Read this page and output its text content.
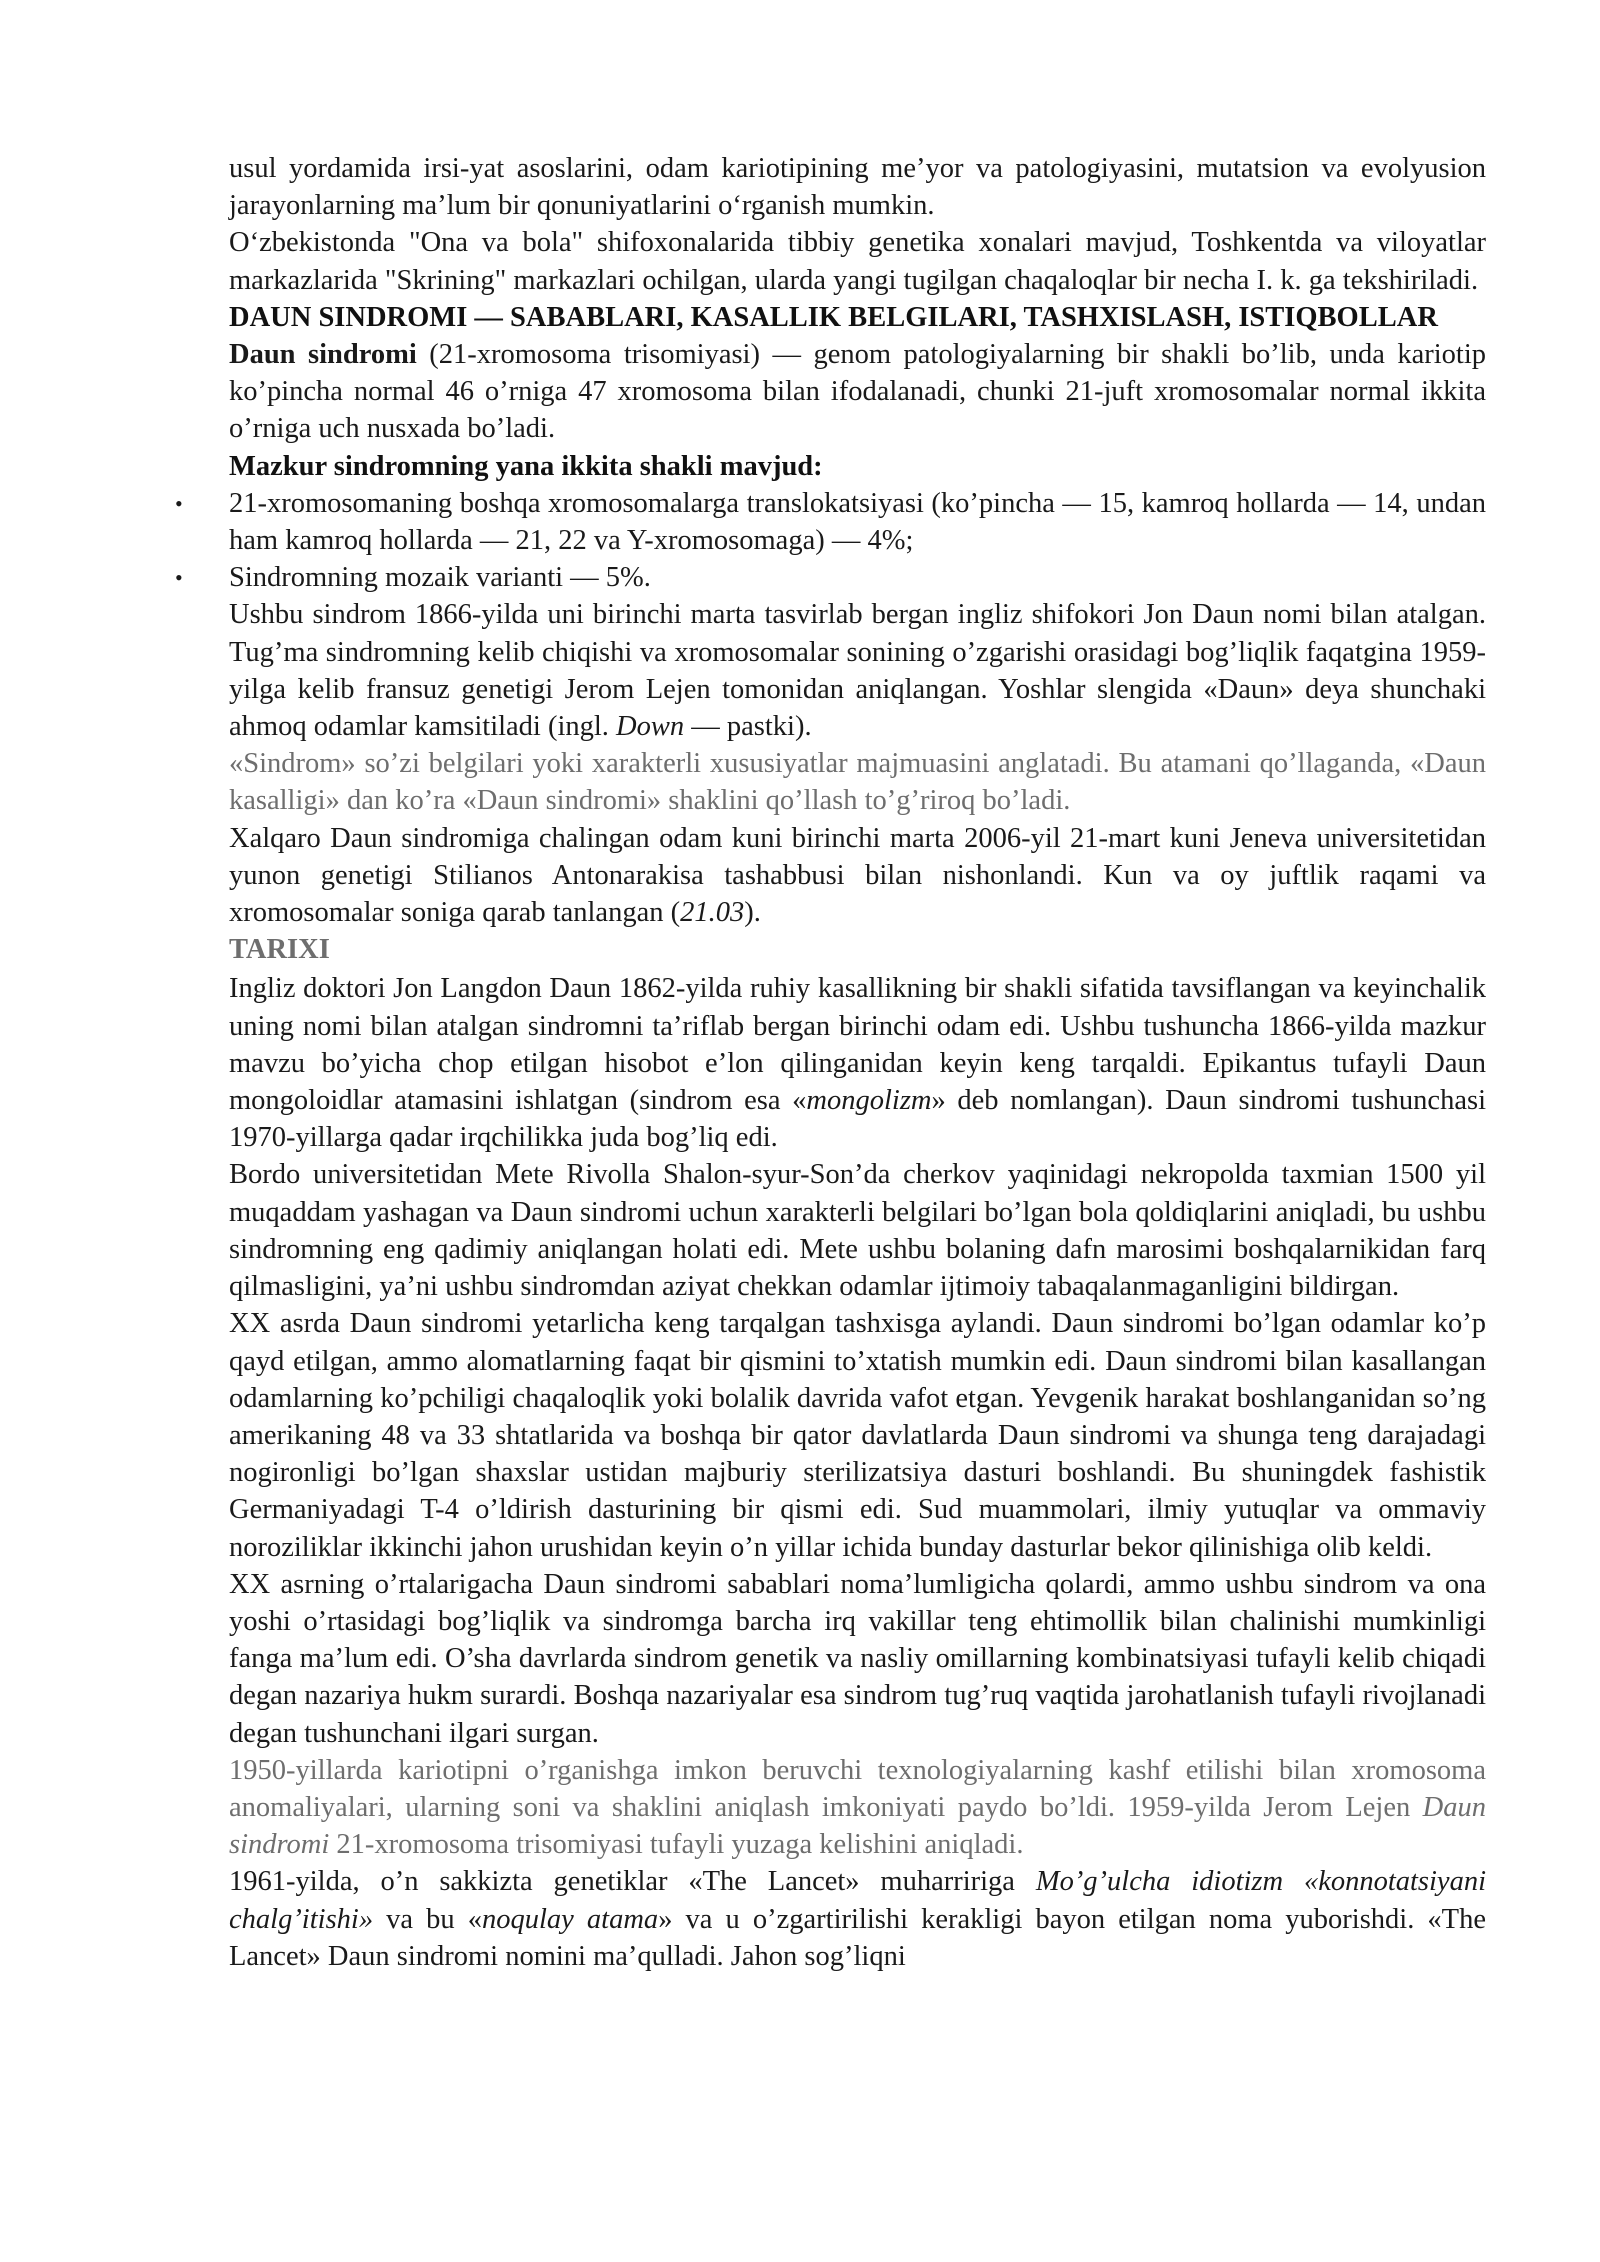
usul yordamida irsi-yat asoslarini, odam kariotipining me’yor va patologiyasini, mutatsion va evolyusion jarayonlarning ma’lum bir qonuniyatlarini o‘rganish mumkin.

O‘zbekistonda "Ona va bola" shifoxonalarida tibbiy genetika xonalari mavjud, Toshkentda va viloyatlar markazlarida "Skrining" markazlari ochilgan, ularda yangi tugilgan chaqaloqlar bir necha I. k. ga tekshiriladi.

DAUN SINDROMI — SABABLARI, KASALLIK BELGILARI, TASHXISLASH, ISTIQBOLLAR

Daun sindromi (21-xromosoma trisomiyasi) — genom patologiyalarning bir shakli bo’lib, unda kariotip ko’pincha normal 46 o’rniga 47 xromosoma bilan ifodalanadi, chunki 21-juft xromosomalar normal ikkita o’rniga uch nusxada bo’ladi.

Mazkur sindromning yana ikkita shakli mavjud:

• 21-xromosomaning boshqa xromosomalarga translokatsiyasi (ko’pincha — 15, kamroq hollarda — 14, undan ham kamroq hollarda — 21, 22 va Y-xromosomaga) — 4%;
• Sindromning mozaik varianti — 5%.

Ushbu sindrom 1866-yilda uni birinchi marta tasvirlab bergan ingliz shifokori Jon Daun nomi bilan atalgan. Tug’ma sindromning kelib chiqishi va xromosomalar sonining o’zgarishi orasidagi bog’liqlik faqatgina 1959-yilga kelib fransuz genetigi Jerom Lejen tomonidan aniqlangan. Yoshlar slengida «Daun» deya shunchaki ahmoq odamlar kamsitiladi (ingl. Down — pastki).

«Sindrom» so’zi belgilari yoki xarakterli xususiyatlar majmuasini anglatadi. Bu atamani qo’llaganda, «Daun kasalligi» dan ko’ra «Daun sindromi» shaklini qo’llash to’g’riroq bo’ladi.

Xalqaro Daun sindromiga chalingan odam kuni birinchi marta 2006-yil 21-mart kuni Jeneva universitetidan yunon genetigi Stilianos Antonarakisa tashabbusi bilan nishonlandi. Kun va oy juftlik raqami va xromosomalar soniga qarab tanlangan (21.03).

TARIXI

Ingliz doktori Jon Langdon Daun 1862-yilda ruhiy kasallikning bir shakli sifatida tavsiflangan va keyinchalik uning nomi bilan atalgan sindromni ta’riflab bergan birinchi odam edi. Ushbu tushuncha 1866-yilda mazkur mavzu bo’yicha chop etilgan hisobot e’lon qilinganidan keyin keng tarqaldi. Epikantus tufayli Daun mongoloidlar atamasini ishlatgan (sindrom esa «mongolizm» deb nomlangan). Daun sindromi tushunchasi 1970-yillarga qadar irqchilikka juda bog’liq edi.

Bordo universitetidan Mete Rivolla Shalon-syur-Son’da cherkov yaqinidagi nekropolda taxmian 1500 yil muqaddam yashagan va Daun sindromi uchun xarakterli belgilari bo’lgan bola qoldiqlarini aniqladi, bu ushbu sindromning eng qadimiy aniqlangan holati edi. Mete ushbu bolaning dafn marosimi boshqalarnikidan farq qilmasligini, ya’ni ushbu sindromdan aziyat chekkan odamlar ijtimoiy tabaqalanmaganligini bildirgan.

XX asrda Daun sindromi yetarlicha keng tarqalgan tashxisga aylandi. Daun sindromi bo’lgan odamlar ko’p qayd etilgan, ammo alomatlarning faqat bir qismini to’xtatish mumkin edi. Daun sindromi bilan kasallangan odamlarning ko’pchiligi chaqaloqlik yoki bolalik davrida vafot etgan. Yevgenik harakat boshlanganidan so’ng amerikaning 48 va 33 shtatlarida va boshqa bir qator davlatlarda Daun sindromi va shunga teng darajadagi nogironligi bo’lgan shaxslar ustidan majburiy sterilizatsiya dasturi boshlandi. Bu shuningdek fashistik Germaniyadagi T-4 o’ldirish dasturining bir qismi edi. Sud muammolari, ilmiy yutuqlar va ommaviy noroziliklar ikkinchi jahon urushidan keyin o’n yillar ichida bunday dasturlar bekor qilinishiga olib keldi.

XX asrning o’rtalarigacha Daun sindromi sabablari noma’lumligicha qolardi, ammo ushbu sindrom va ona yoshi o’rtasidagi bog’liqlik va sindromga barcha irq vakillar teng ehtimollik bilan chalinishi mumkinligi fanga ma’lum edi. O’sha davrlarda sindrom genetik va nasliy omillarning kombinatsiyasi tufayli kelib chiqadi degan nazariya hukm surardi. Boshqa nazariyalar esa sindrom tug’ruq vaqtida jarohatlanish tufayli rivojlanadi degan tushunchani ilgari surgan.

1950-yillarda kariotipni o’rganishga imkon beruvchi texnologiyalarning kashf etilishi bilan xromosoma anomaliyalari, ularning soni va shaklini aniqlash imkoniyati paydo bo’ldi. 1959-yilda Jerom Lejen Daun sindromi 21-xromosoma trisomiyasi tufayli yuzaga kelishini aniqladi.

1961-yilda, o’n sakkizta genetiklar «The Lancet» muharririga Mo’g’ulcha idiotizm «konnotatsiyani chalg’itishi» va bu «noqulay atama» va u o’zgartirilishi kerakligi bayon etilgan noma yuborishdi. «The Lancet» Daun sindromi nomini ma’qulladi. Jahon sog’liqni
